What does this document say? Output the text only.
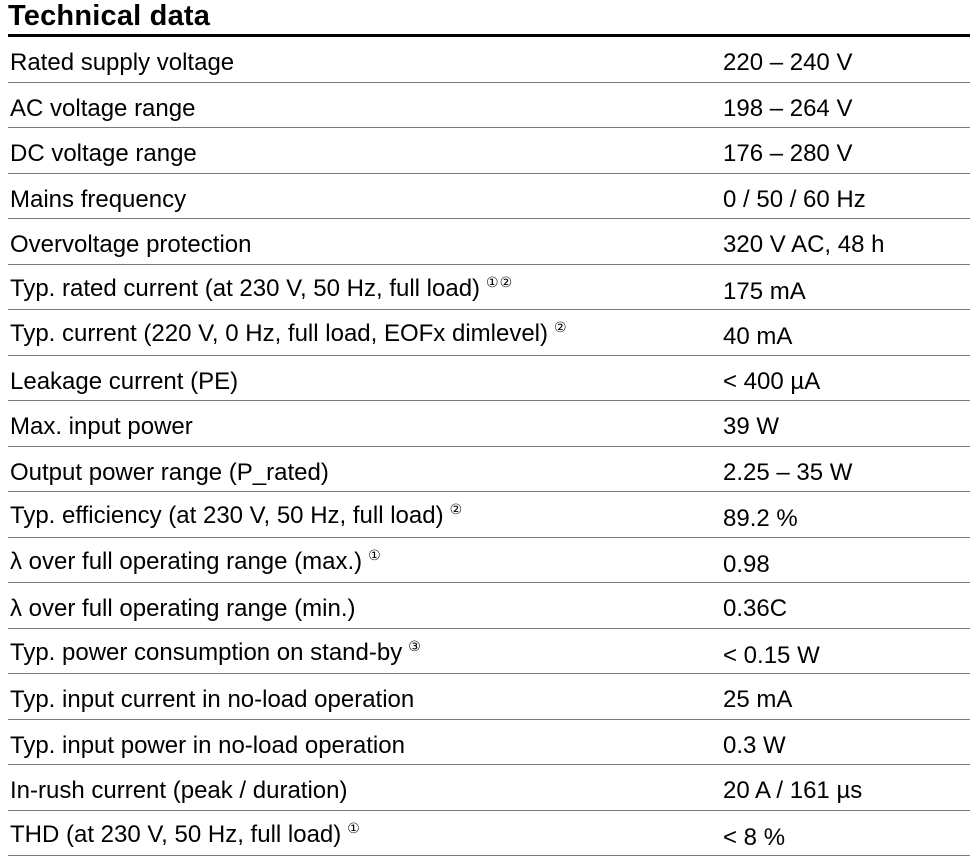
Technical data
Rated supply voltage	220 – 240 V
AC voltage range	198 – 264 V
DC voltage range	176 – 280 V
Mains frequency	0 / 50 / 60 Hz
Overvoltage protection	320 V AC, 48 h
Typ. rated current (at 230 V, 50 Hz, full load) ①②	175 mA
Typ. current (220 V, 0 Hz, full load, EOFx dimlevel) ②	40 mA
Leakage current (PE)	< 400 µA
Max. input power	39 W
Output power range (P_rated)	2.25 – 35 W
Typ. efficiency (at 230 V, 50 Hz, full load) ②	89.2 %
λ over full operating range (max.) ①	0.98
λ over full operating range (min.)	0.36C
Typ. power consumption on stand-by ③	< 0.15 W
Typ. input current in no-load operation	25 mA
Typ. input power in no-load operation	0.3 W
In-rush current (peak / duration)	20 A / 161 µs
THD (at 230 V, 50 Hz, full load) ①	< 8 %
